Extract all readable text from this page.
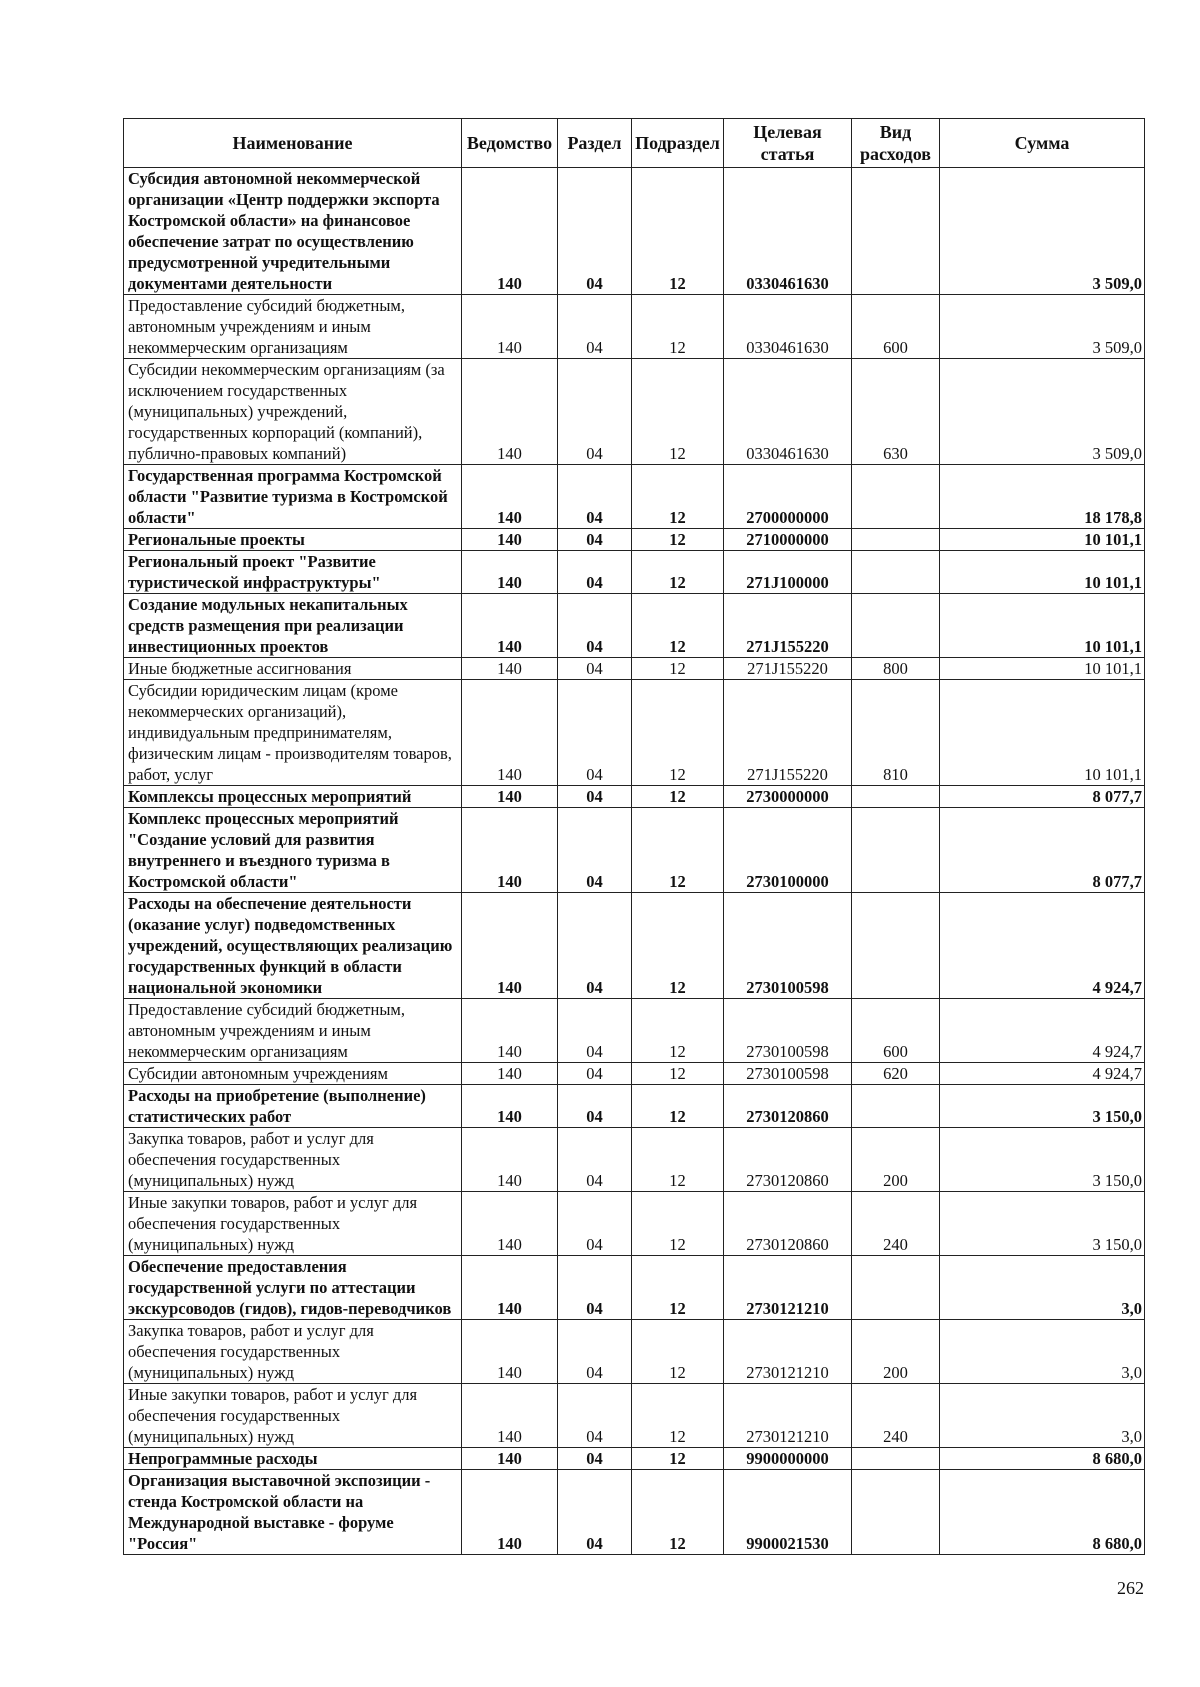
Наименование	Ведомство	Раздел	Подраздел	Целевая статья	Вид расходов	Сумма
Субсидия автономной некоммерческой организации «Центр поддержки экспорта Костромской области» на финансовое обеспечение затрат по осуществлению предусмотренной учредительными документами деятельности	140	04	12	0330461630		3 509,0
Предоставление субсидий бюджетным, автономным учреждениям и иным некоммерческим организациям	140	04	12	0330461630	600	3 509,0
Субсидии некоммерческим организациям (за исключением государственных (муниципальных) учреждений, государственных корпораций (компаний), публично-правовых компаний)	140	04	12	0330461630	630	3 509,0
Государственная программа Костромской области "Развитие туризма в Костромской области"	140	04	12	2700000000		18 178,8
Региональные проекты	140	04	12	2710000000		10 101,1
Региональный проект "Развитие туристической инфраструктуры"	140	04	12	271J100000		10 101,1
Создание модульных некапитальных средств размещения при реализации инвестиционных проектов	140	04	12	271J155220		10 101,1
Иные бюджетные ассигнования	140	04	12	271J155220	800	10 101,1
Субсидии юридическим лицам (кроме некоммерческих организаций), индивидуальным предпринимателям, физическим лицам - производителям товаров, работ, услуг	140	04	12	271J155220	810	10 101,1
Комплексы процессных мероприятий	140	04	12	2730000000		8 077,7
Комплекс процессных мероприятий "Создание условий для развития внутреннего и въездного туризма в Костромской области"	140	04	12	2730100000		8 077,7
Расходы на обеспечение деятельности (оказание услуг) подведомственных учреждений, осуществляющих реализацию государственных функций в области национальной экономики	140	04	12	2730100598		4 924,7
Предоставление субсидий бюджетным, автономным учреждениям и иным некоммерческим организациям	140	04	12	2730100598	600	4 924,7
Субсидии автономным учреждениям	140	04	12	2730100598	620	4 924,7
Расходы на приобретение (выполнение) статистических работ	140	04	12	2730120860		3 150,0
Закупка товаров, работ и услуг для обеспечения государственных (муниципальных) нужд	140	04	12	2730120860	200	3 150,0
Иные закупки товаров, работ и услуг для обеспечения государственных (муниципальных) нужд	140	04	12	2730120860	240	3 150,0
Обеспечение предоставления государственной услуги по аттестации экскурсоводов (гидов), гидов-переводчиков	140	04	12	2730121210		3,0
Закупка товаров, работ и услуг для обеспечения государственных (муниципальных) нужд	140	04	12	2730121210	200	3,0
Иные закупки товаров, работ и услуг для обеспечения государственных (муниципальных) нужд	140	04	12	2730121210	240	3,0
Непрограммные расходы	140	04	12	9900000000		8 680,0
Организация выставочной экспозиции - стенда Костромской области на Международной выставке - форуме "Россия"	140	04	12	9900021530		8 680,0
262
